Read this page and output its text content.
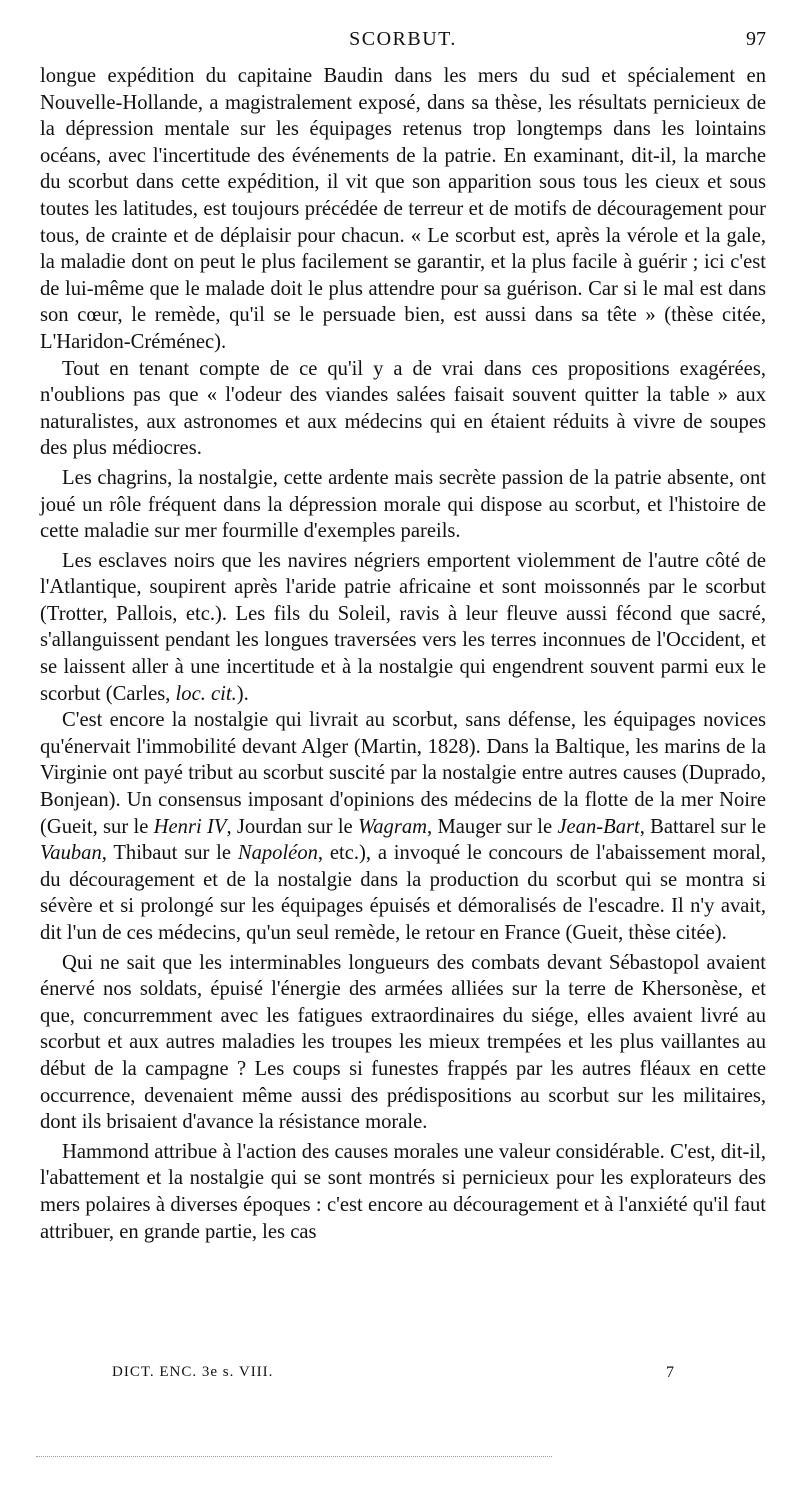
SCORBUT.	97

longue expédition du capitaine Baudin dans les mers du sud et spécialement en Nouvelle-Hollande, a magistralement exposé, dans sa thèse, les résultats pernicieux de la dépression mentale sur les équipages retenus trop longtemps dans les lointains océans, avec l'incertitude des événements de la patrie. En examinant, dit-il, la marche du scorbut dans cette expédition, il vit que son apparition sous tous les cieux et sous toutes les latitudes, est toujours précédée de terreur et de motifs de découragement pour tous, de crainte et de déplaisir pour chacun. « Le scorbut est, après la vérole et la gale, la maladie dont on peut le plus facilement se garantir, et la plus facile à guérir ; ici c'est de lui-même que le malade doit le plus attendre pour sa guérison. Car si le mal est dans son cœur, le remède, qu'il se le persuade bien, est aussi dans sa tête » (thèse citée, L'Haridon-Créménec).

Tout en tenant compte de ce qu'il y a de vrai dans ces propositions exagérées, n'oublions pas que « l'odeur des viandes salées faisait souvent quitter la table » aux naturalistes, aux astronomes et aux médecins qui en étaient réduits à vivre de soupes des plus médiocres.

Les chagrins, la nostalgie, cette ardente mais secrète passion de la patrie absente, ont joué un rôle fréquent dans la dépression morale qui dispose au scorbut, et l'histoire de cette maladie sur mer fourmille d'exemples pareils.

Les esclaves noirs que les navires négriers emportent violemment de l'autre côté de l'Atlantique, soupirent après l'aride patrie africaine et sont moissonnés par le scorbut (Trotter, Pallois, etc.). Les fils du Soleil, ravis à leur fleuve aussi fécond que sacré, s'allanguissent pendant les longues traversées vers les terres inconnues de l'Occident, et se laissent aller à une incertitude et à la nostalgie qui engendrent souvent parmi eux le scorbut (Carles, loc. cit.).

C'est encore la nostalgie qui livrait au scorbut, sans défense, les équipages novices qu'énervait l'immobilité devant Alger (Martin, 1828). Dans la Baltique, les marins de la Virginie ont payé tribut au scorbut suscité par la nostalgie entre autres causes (Duprado, Bonjean). Un consensus imposant d'opinions des médecins de la flotte de la mer Noire (Gueit, sur le Henri IV, Jourdan sur le Wagram, Mauger sur le Jean-Bart, Battarel sur le Vauban, Thibaut sur le Napoléon, etc.), a invoqué le concours de l'abaissement moral, du découragement et de la nostalgie dans la production du scorbut qui se montra si sévère et si prolongé sur les équipages épuisés et démoralisés de l'escadre. Il n'y avait, dit l'un de ces médecins, qu'un seul remède, le retour en France (Gueit, thèse citée).

Qui ne sait que les interminables longueurs des combats devant Sébastopol avaient énervé nos soldats, épuisé l'énergie des armées alliées sur la terre de Khersonèse, et que, concurremment avec les fatigues extraordinaires du siége, elles avaient livré au scorbut et aux autres maladies les troupes les mieux trempées et les plus vaillantes au début de la campagne ? Les coups si funestes frappés par les autres fléaux en cette occurrence, devenaient même aussi des prédispositions au scorbut sur les militaires, dont ils brisaient d'avance la résistance morale.

Hammond attribue à l'action des causes morales une valeur considérable. C'est, dit-il, l'abattement et la nostalgie qui se sont montrés si pernicieux pour les explorateurs des mers polaires à diverses époques : c'est encore au découragement et à l'anxiété qu'il faut attribuer, en grande partie, les cas

DICT. ENC. 3e s. VIII.	7
